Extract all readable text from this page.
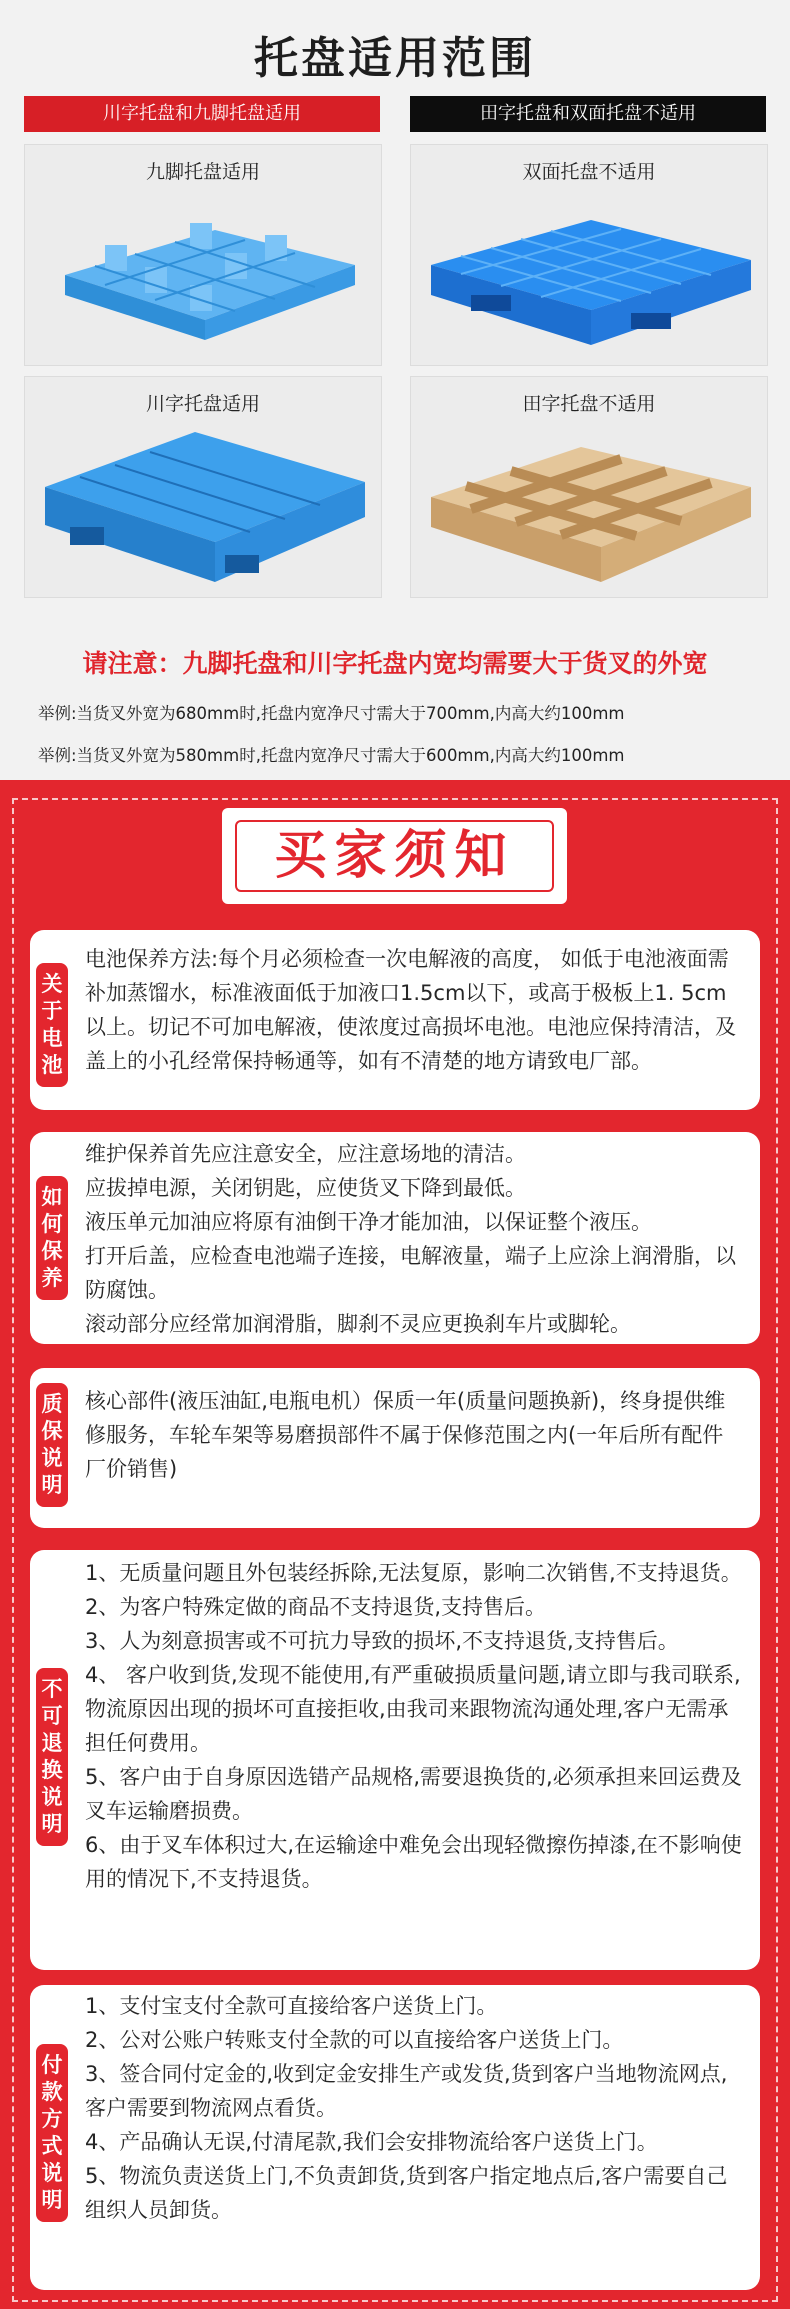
托盘适用范围
川字托盘和九脚托盘适用	田字托盘和双面托盘不适用
九脚托盘适用	双面托盘不适用
川字托盘适用	田字托盘不适用
请注意：九脚托盘和川字托盘内宽均需要大于货叉的外宽
举例:当货叉外宽为680mm时,托盘内宽净尺寸需大于700mm,内高大约100mm
举例:当货叉外宽为580mm时,托盘内宽净尺寸需大于600mm,内高大约100mm
买家须知
关于电池

电池保养方法:每个月必须检查一次电解液的高度， 如低于电池液面需补加蒸馏水，标准液面低于加液口1.5cm以下，或高于极板上1. 5cm以上。切记不可加电解液，使浓度过高损坏电池。电池应保持清洁，及盖上的小孔经常保持畅通等，如有不清楚的地方请致电厂部。

如何保养

维护保养首先应注意安全，应注意场地的清洁。

应拔掉电源，关闭钥匙，应使货叉下降到最低。

液压单元加油应将原有油倒干净才能加油，以保证整个液压。

打开后盖，应检查电池端子连接，电解液量，端子上应涂上润滑脂，以防腐蚀。

滚动部分应经常加润滑脂，脚刹不灵应更换刹车片或脚轮。

质保说明

核心部件(液压油缸,电瓶电机）保质一年(质量问题换新)，终身提供维修服务，车轮车架等易磨损部件不属于保修范围之内(一年后所有配件厂价销售)

不可退换说明

1、无质量问题且外包装经拆除,无法复原，影响二次销售,不支持退货。

2、为客户特殊定做的商品不支持退货,支持售后。

3、人为刻意损害或不可抗力导致的损坏,不支持退货,支持售后。

4、 客户收到货,发现不能使用,有严重破损质量问题,请立即与我司联系,物流原因出现的损坏可直接拒收,由我司来跟物流沟通处理,客户无需承担任何费用。

5、客户由于自身原因选错产品规格,需要退换货的,必须承担来回运费及叉车运输磨损费。

6、由于叉车体积过大,在运输途中难免会出现轻微擦伤掉漆,在不影响使用的情况下,不支持退货。

付款方式说明

1、支付宝支付全款可直接给客户送货上门。

2、公对公账户转账支付全款的可以直接给客户送货上门。

3、签合同付定金的,收到定金安排生产或发货,货到客户当地物流网点,客户需要到物流网点看货。

4、产品确认无误,付清尾款,我们会安排物流给客户送货上门。

5、物流负责送货上门,不负责卸货,货到客户指定地点后,客户需要自己组织人员卸货。
